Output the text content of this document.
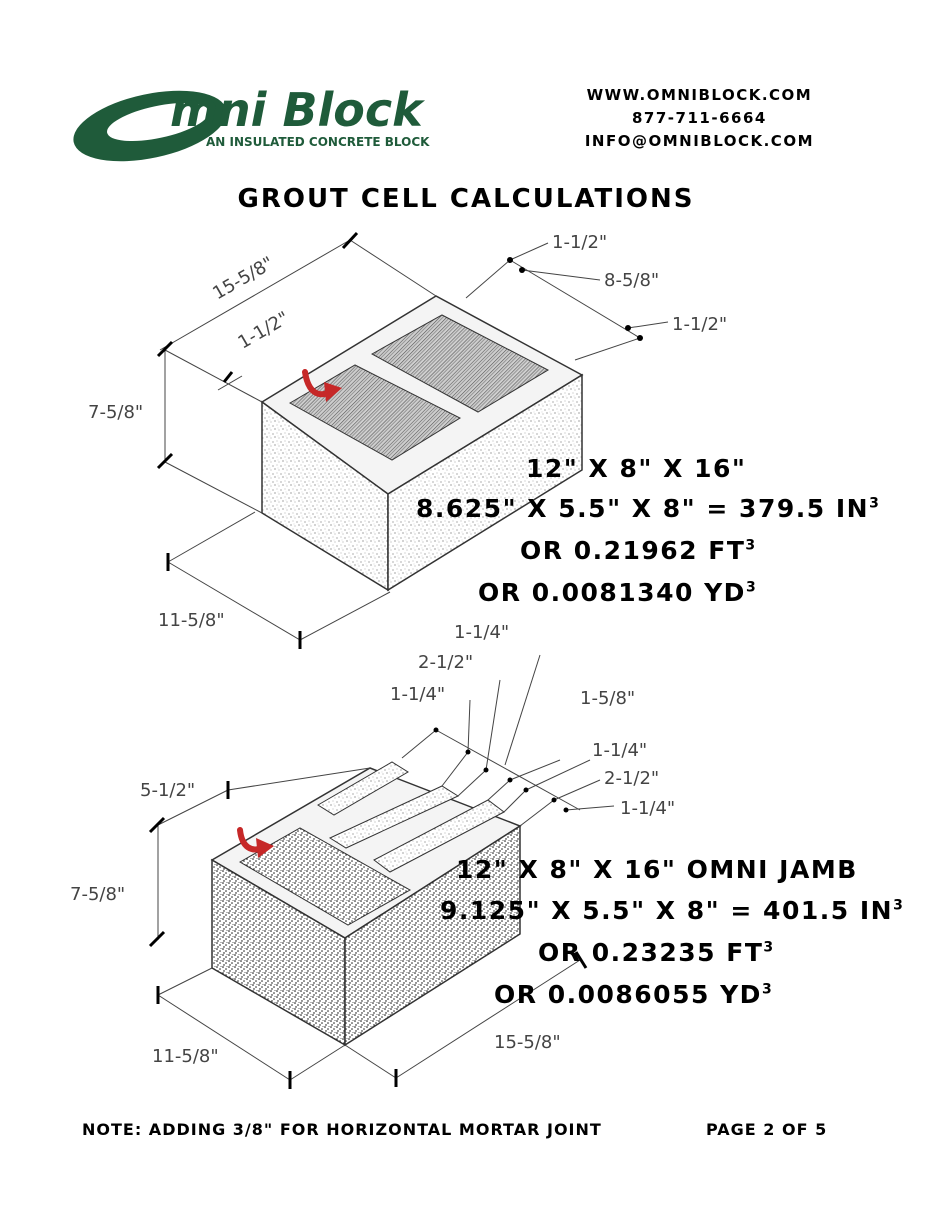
mni Block
AN INSULATED CONCRETE BLOCK
WWW.OMNIBLOCK.COM
877-711-6664
INFO@OMNIBLOCK.COM
GROUT CELL CALCULATIONS
15-5/8"
1-1/2"
7-5/8"
11-5/8"
1-1/2"
8-5/8"
1-1/2"
12" X 8" X 16"
8.625" X 5.5" X 8" = 379.5 $IN^3$
OR 0.21962 $FT^3$
OR 0.0081340 $YD^3$
1-1/4"
2-1/2"
1-1/4"	1-5/8"
1-1/4"
2-1/2"
1-1/4"
5-1/2"
7-5/8"
11-5/8"
15-5/8"
12" X 8" X 16" OMNI JAMB
9.125" X 5.5" X 8" = 401.5 $IN^3$
OR 0.23235 $FT^3$
OR 0.0086055 $YD^3$
NOTE: ADDING 3/8" FOR HORIZONTAL MORTAR JOINT	PAGE 2 OF 5
